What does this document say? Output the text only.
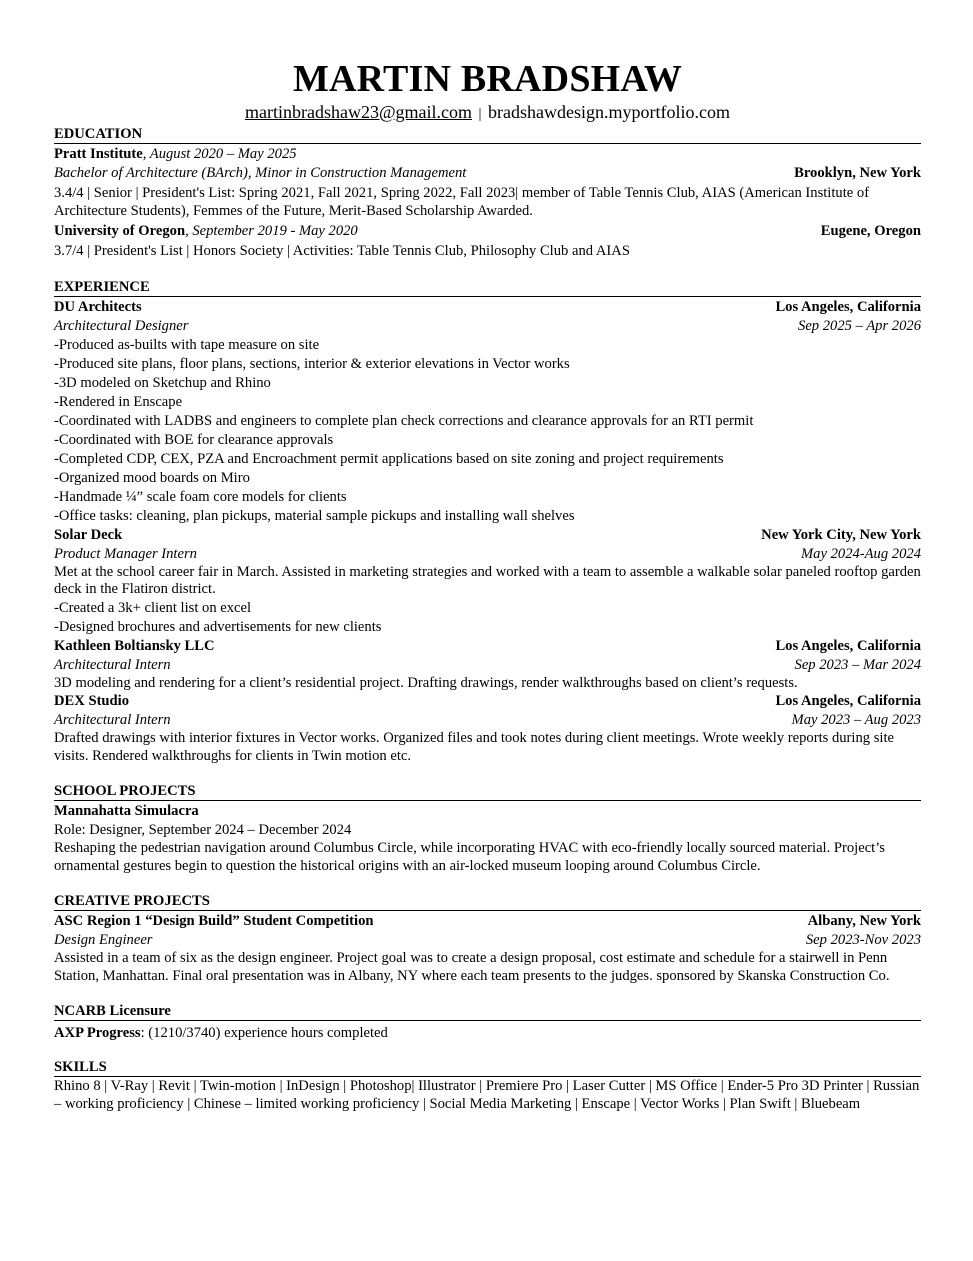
MARTIN BRADSHAW
martinbradshaw23@gmail.com | bradshawdesign.myportfolio.com
EDUCATION
Pratt Institute, August 2020 – May 2025
Bachelor of Architecture (BArch), Minor in Construction Management	Brooklyn, New York
3.4/4 | Senior | President's List: Spring 2021, Fall 2021, Spring 2022, Fall 2023| member of Table Tennis Club, AIAS (American Institute of Architecture Students), Femmes of the Future, Merit-Based Scholarship Awarded.
University of Oregon, September 2019 - May 2020	Eugene, Oregon
3.7/4 | President's List | Honors Society | Activities: Table Tennis Club, Philosophy Club and AIAS
EXPERIENCE
DU Architects	Los Angeles, California
Architectural Designer	Sep 2025 – Apr 2026
-Produced as-builts with tape measure on site
-Produced site plans, floor plans, sections, interior & exterior elevations in Vector works
-3D modeled on Sketchup and Rhino
-Rendered in Enscape
-Coordinated with LADBS and engineers to complete plan check corrections and clearance approvals for an RTI permit
-Coordinated with BOE for clearance approvals
-Completed CDP, CEX, PZA and Encroachment permit applications based on site zoning and project requirements
-Organized mood boards on Miro
-Handmade ¼” scale foam core models for clients
-Office tasks: cleaning, plan pickups, material sample pickups and installing wall shelves
Solar Deck	New York City, New York
Product Manager Intern	May 2024-Aug 2024
Met at the school career fair in March. Assisted in marketing strategies and worked with a team to assemble a walkable solar paneled rooftop garden deck in the Flatiron district.
-Created a 3k+ client list on excel
-Designed brochures and advertisements for new clients
Kathleen Boltiansky LLC	Los Angeles, California
Architectural Intern	Sep 2023 – Mar 2024
3D modeling and rendering for a client’s residential project. Drafting drawings, render walkthroughs based on client’s requests.
DEX Studio	Los Angeles, California
Architectural Intern	May 2023 – Aug 2023
Drafted drawings with interior fixtures in Vector works. Organized files and took notes during client meetings. Wrote weekly reports during site visits. Rendered walkthroughs for clients in Twin motion etc.
SCHOOL PROJECTS
Mannahatta Simulacra
Role: Designer, September 2024 – December 2024
Reshaping the pedestrian navigation around Columbus Circle, while incorporating HVAC with eco-friendly locally sourced material. Project’s ornamental gestures begin to question the historical origins with an air-locked museum looping around Columbus Circle.
CREATIVE PROJECTS
ASC Region 1 “Design Build” Student Competition	Albany, New York
Design Engineer	Sep 2023-Nov 2023
Assisted in a team of six as the design engineer. Project goal was to create a design proposal, cost estimate and schedule for a stairwell in Penn Station, Manhattan. Final oral presentation was in Albany, NY where each team presents to the judges. sponsored by Skanska Construction Co.
NCARB Licensure
AXP Progress: (1210/3740) experience hours completed
SKILLS
Rhino 8 | V-Ray | Revit | Twin-motion | InDesign | Photoshop| Illustrator | Premiere Pro | Laser Cutter | MS Office | Ender-5 Pro 3D Printer | Russian – working proficiency | Chinese – limited working proficiency | Social Media Marketing | Enscape | Vector Works | Plan Swift | Bluebeam
